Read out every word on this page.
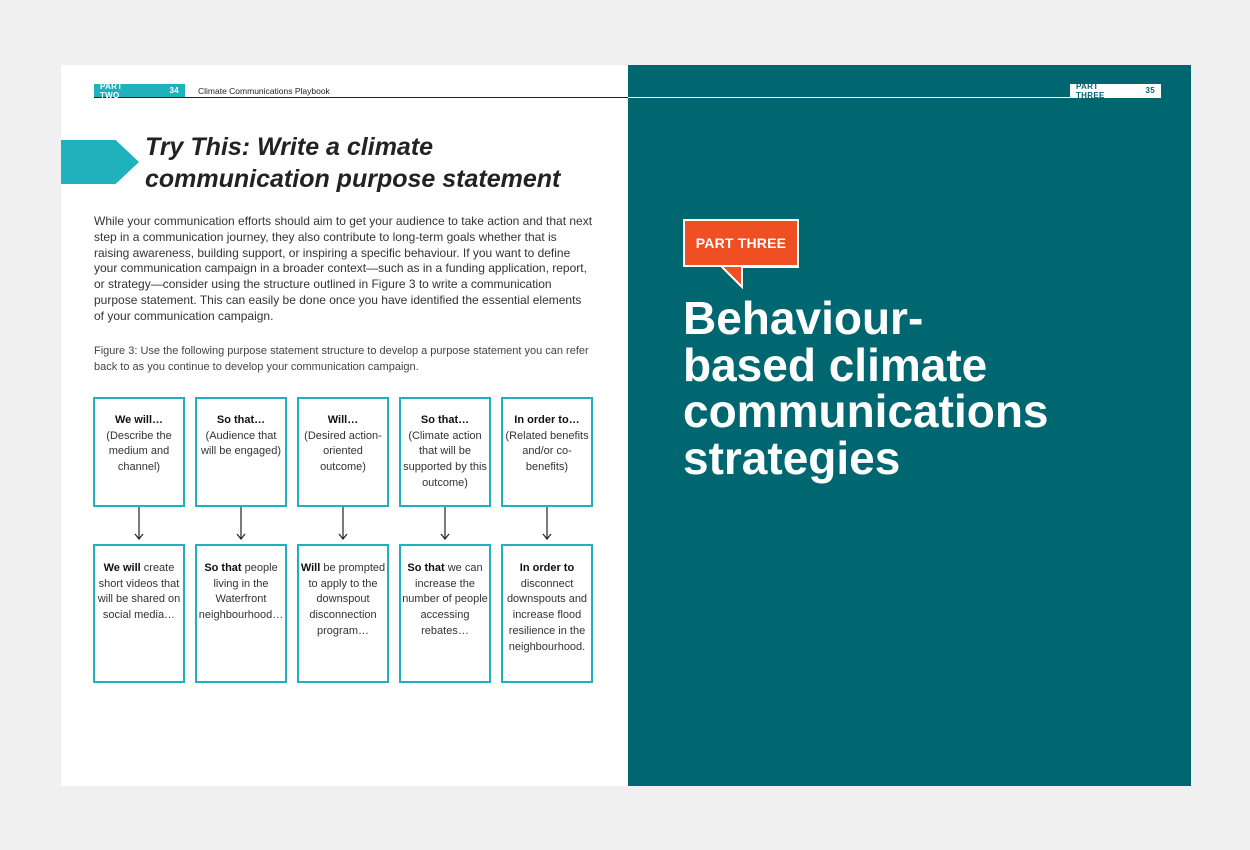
PART TWO	34 Climate Communications Playbook
Try This: Write a climate
communication purpose statement

While your communication efforts should aim to get your audience to take action and that next step in a communication journey, they also contribute to long-term goals whether that is raising awareness, building support, or inspiring a specific behaviour. If you want to define your communication campaign in a broader context—such as in a funding application, report, or strategy—consider using the structure outlined in Figure 3 to write a communication purpose statement. This can easily be done once you have identified the essential elements of your communication campaign.

Figure 3: Use the following purpose statement structure to develop a purpose statement you can refer back to as you continue to develop your communication campaign.

We will…
(Describe the medium and channel)
So that…
(Audience that will be engaged)
Will…
(Desired action-oriented outcome)
So that…
(Climate action that will be supported by this outcome)
In order to…
(Related benefits and/or co-benefits)
We will create short videos that will be shared on social media…
So that people living in the Waterfront neighbourhood…
Will be prompted to apply to the downspout disconnection program…
So that we can increase the number of people accessing rebates…
In order to
disconnect downspouts and increase flood resilience in the neighbourhood.
PART THREE	35
PART THREE
Behaviour-
based climate
communications
strategies
